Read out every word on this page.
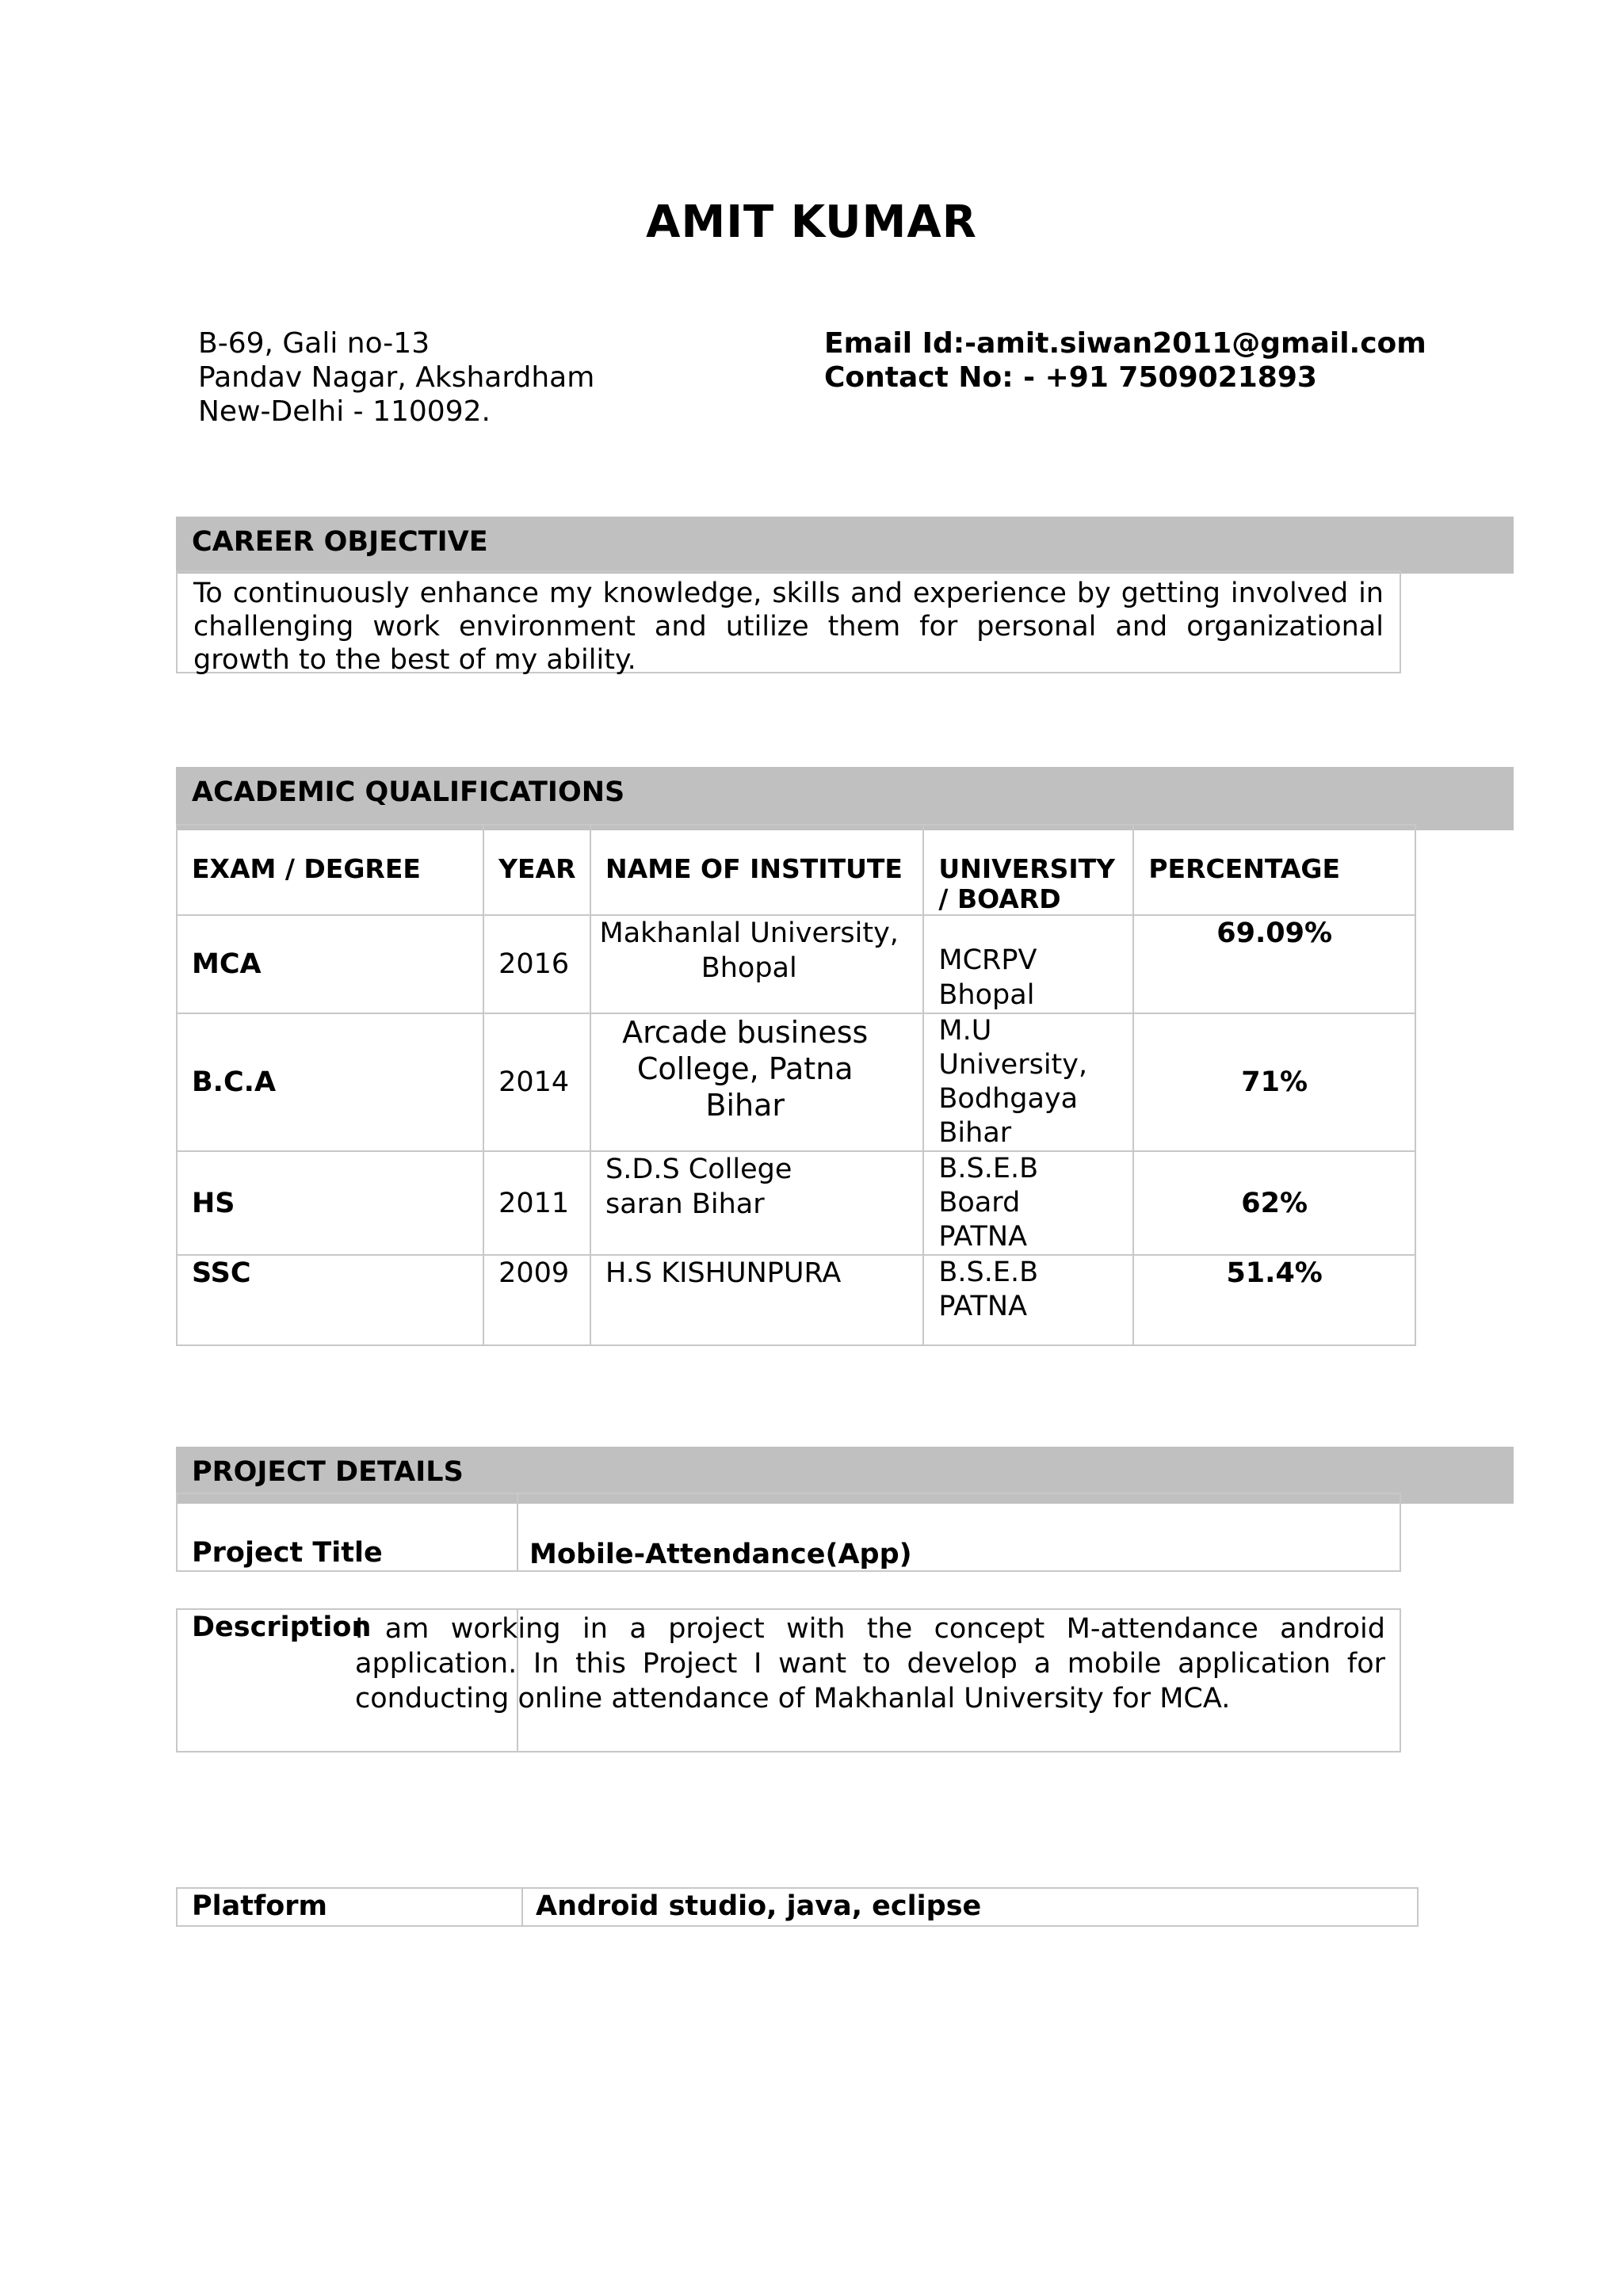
AMIT KUMAR
B-69, Gali no-13
Pandav Nagar, Akshardham
New-Delhi - 110092.
Email Id:-amit.siwan2011@gmail.com
Contact No: - +91 7509021893
CAREER OBJECTIVE
To continuously enhance my knowledge, skills and experience by getting involved in challenging work environment and utilize them for personal and organizational growth to the best of my ability.
ACADEMIC QUALIFICATIONS
EXAM / DEGREE	YEAR	NAME OF INSTITUTE	UNIVERSITY / BOARD	PERCENTAGE
MCA	2016	Makhanlal University, Bhopal	MCRPV Bhopal	69.09%
B.C.A	2014	Arcade business College, Patna Bihar	M.U University, Bodhgaya Bihar	71%
HS	2011	S.D.S College saran Bihar	B.S.E.B Board PATNA	62%
SSC	2009	H.S KISHUNPURA	B.S.E.B PATNA	51.4%
PROJECT DETAILS
Project Title	Mobile-Attendance(App)
Description
I am working in a project with the concept M-attendance android application. In this Project I want to develop a mobile application for conducting online attendance of Makhanlal University for MCA.
Platform	Android studio, java, eclipse
